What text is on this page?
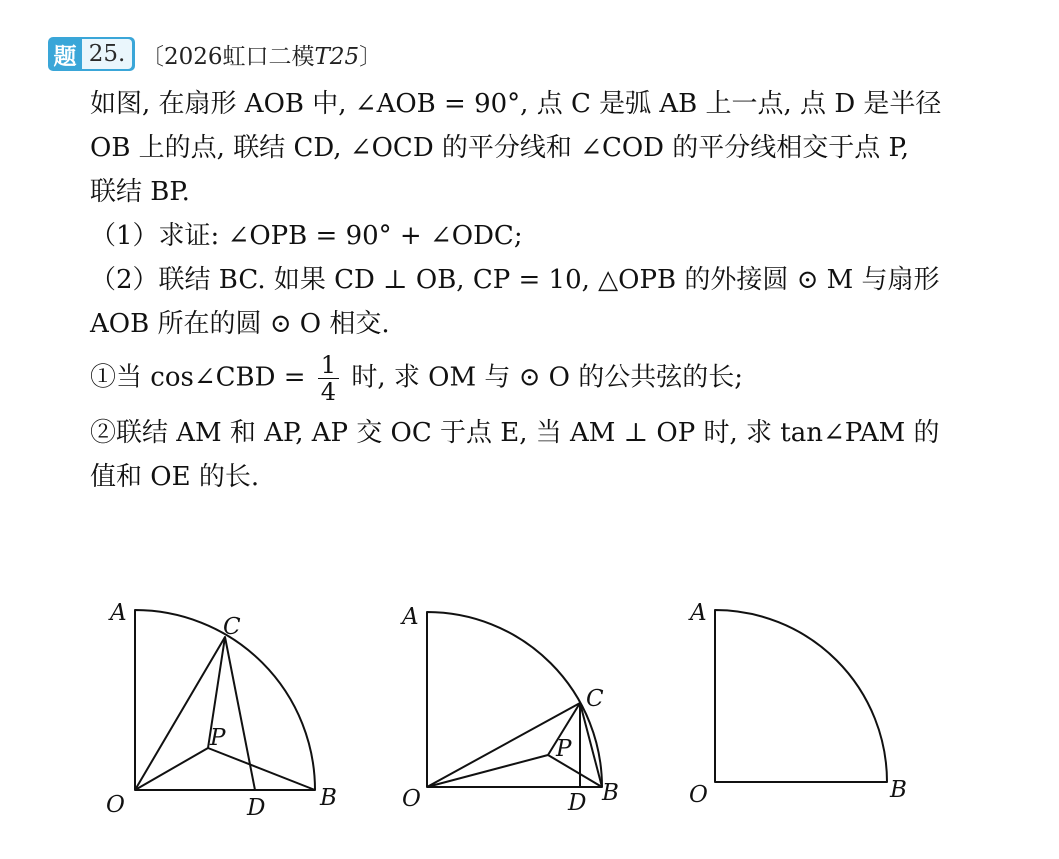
题 25. 〔2026虹口二模T25〕

如图, 在扇形 AOB 中, ∠AOB = 90°, 点 C 是弧 AB 上一点, 点 D 是半径

OB 上的点, 联结 CD, ∠OCD 的平分线和 ∠COD 的平分线相交于点 P,

联结 BP.

（1）求证: ∠OPB = 90° + ∠ODC;

（2）联结 BC. 如果 CD ⊥ OB, CP = 10, △OPB 的外接圆 ⊙ M 与扇形

AOB 所在的圆 ⊙ O 相交.

①当 cos∠CBD = $\frac{1}{4}$ 时, 求 OM 与 ⊙ O 的公共弦的长;

②联结 AM 和 AP, AP 交 OC 于点 E, 当 AM ⊥ OP 时, 求 tan∠PAM 的

值和 OE 的长.

A
C
P
O	D B
A
C
P
O	D B
A
O	B
